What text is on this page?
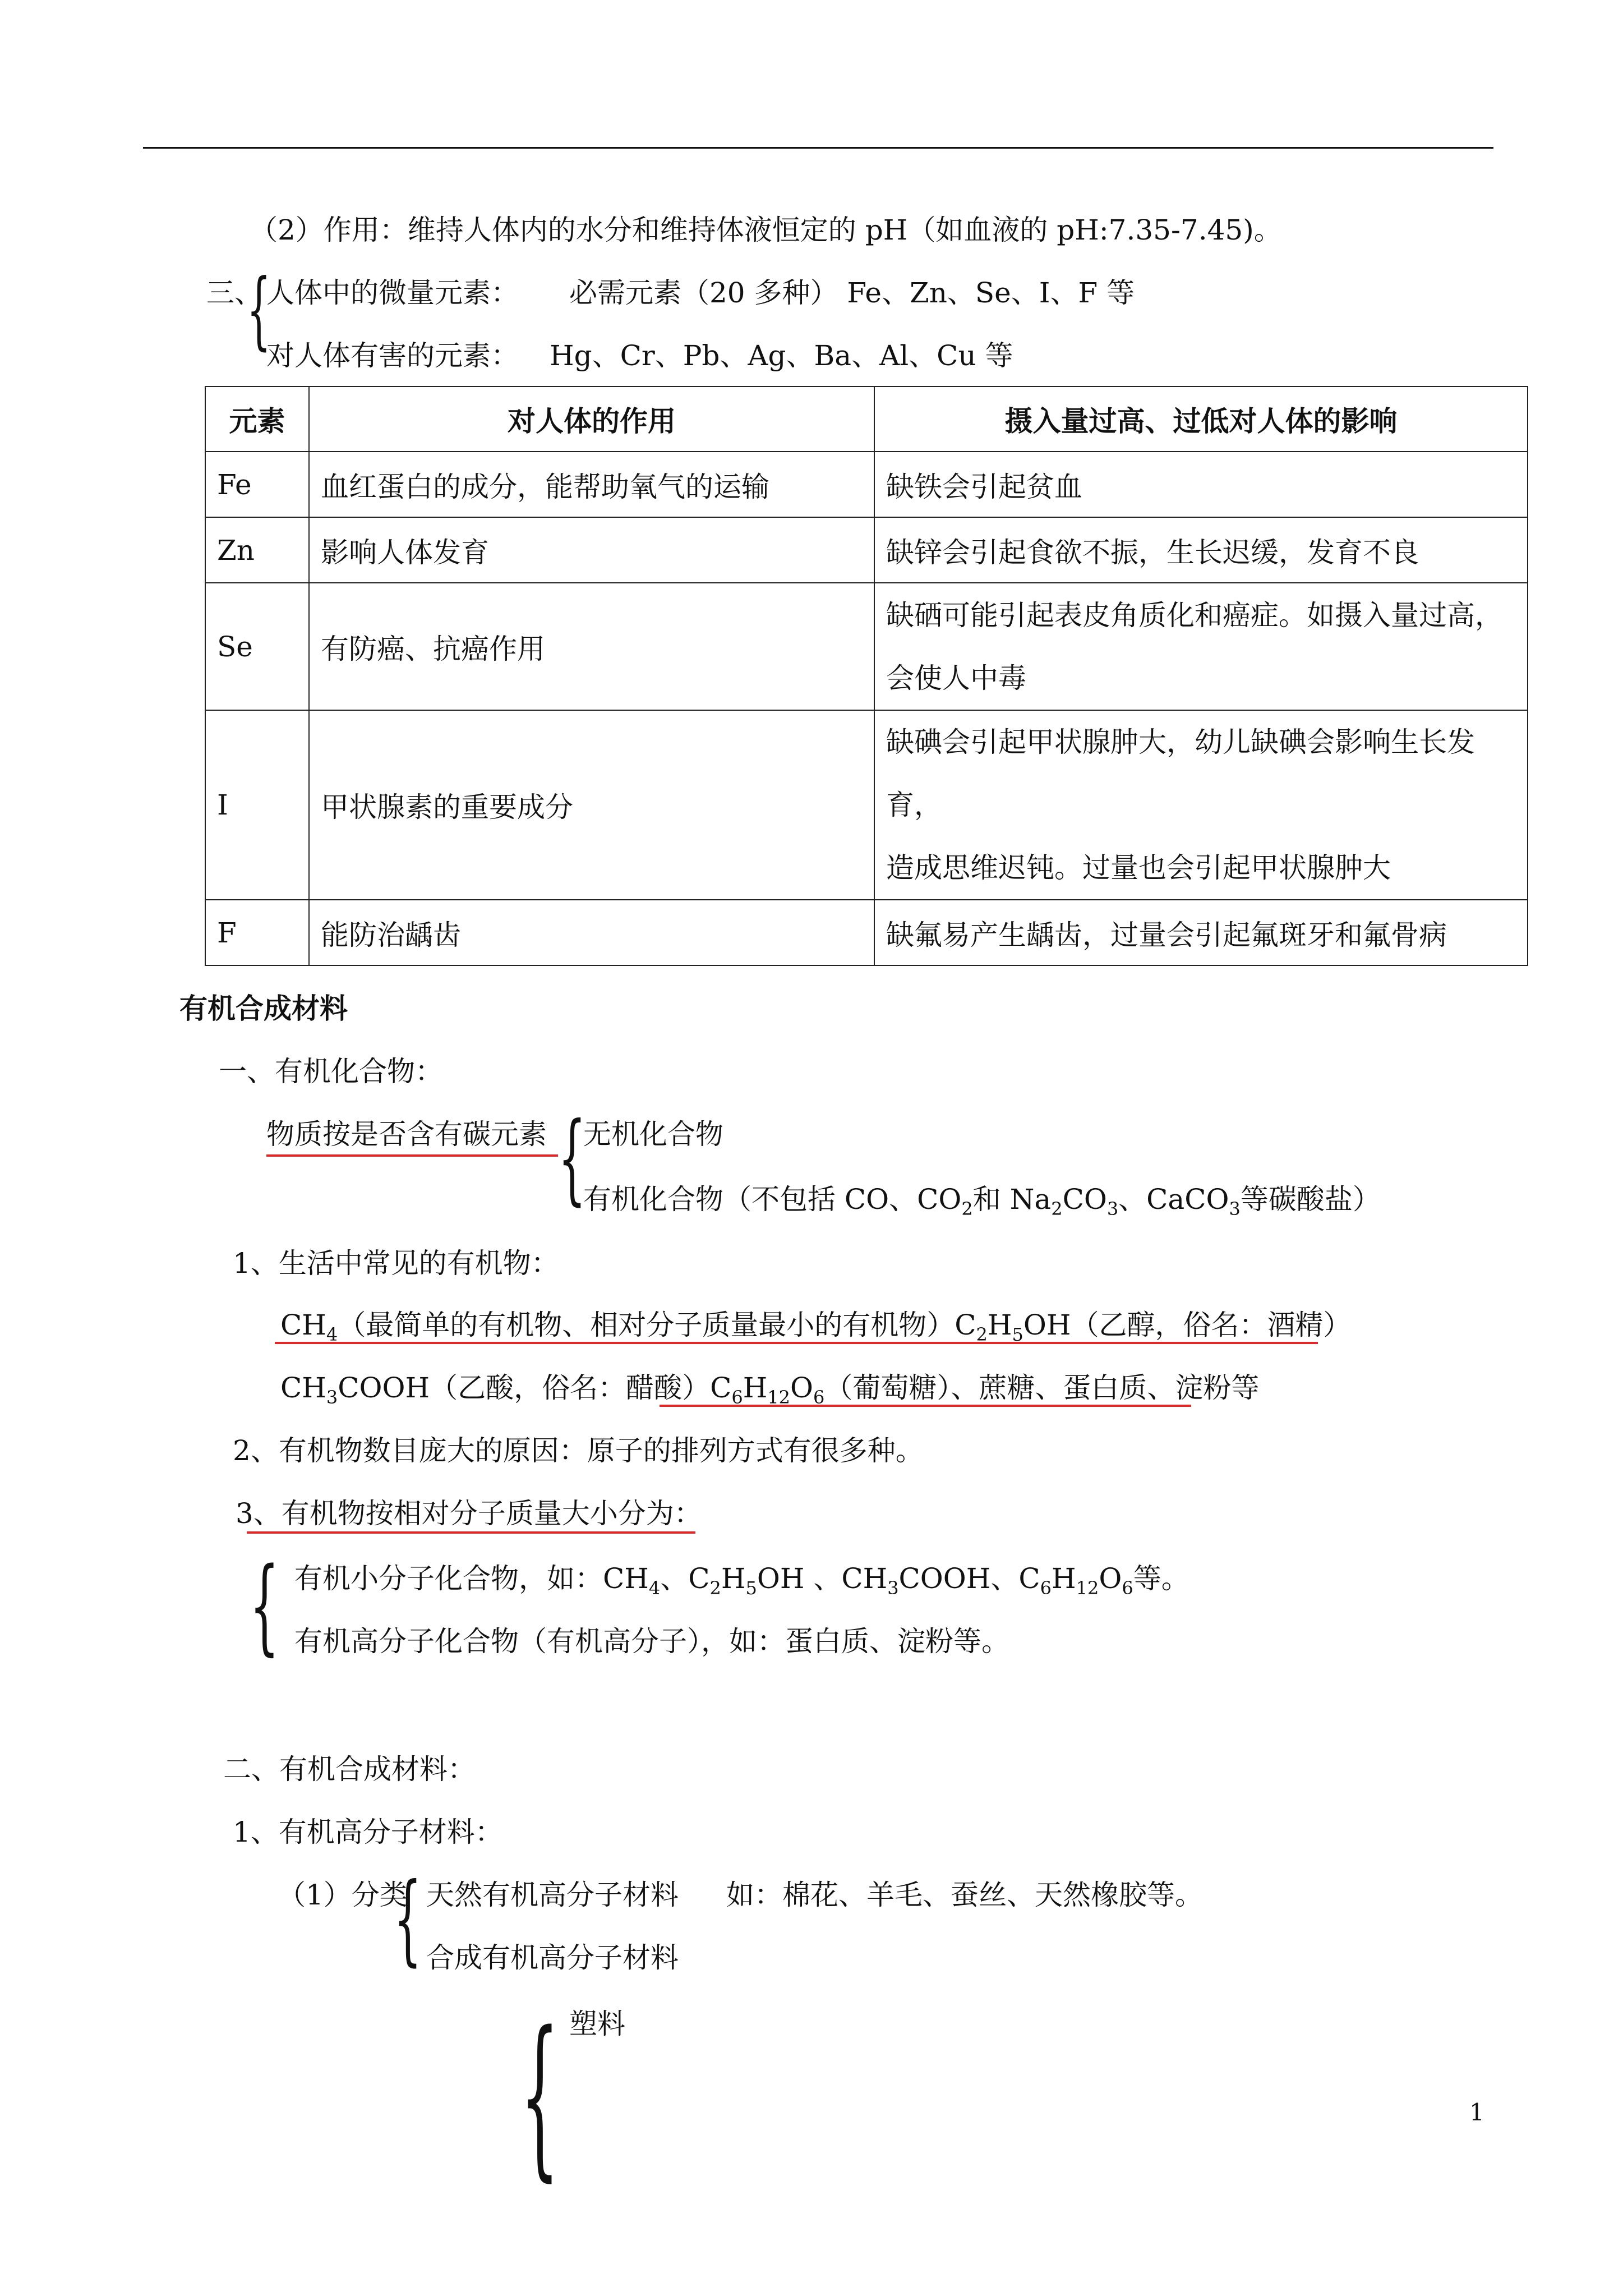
（2）作用：维持人体内的水分和维持体液恒定的 pH（如血液的 pH:7.35-7.45)。
三、
{
人体中的微量元素： 必需元素（20 多种） Fe、Zn、Se、I、F 等
对人体有害的元素： Hg、Cr、Pb、Ag、Ba、Al、Cu 等
元素	对人体的作用	摄入量过高、过低对人体的影响
Fe	血红蛋白的成分，能帮助氧气的运输	缺铁会引起贫血
Zn	影响人体发育	缺锌会引起食欲不振，生长迟缓，发育不良
Se	有防癌、抗癌作用	缺硒可能引起表皮角质化和癌症。如摄入量过高，
会使人中毒

I	甲状腺素的重要成分	缺碘会引起甲状腺肿大，幼儿缺碘会影响生长发育，
造成思维迟钝。过量也会引起甲状腺肿大

F	能防治龋齿	缺氟易产生龋齿，过量会引起氟斑牙和氟骨病
有机合成材料
一、有机化合物：
物质按是否含有碳元素 {
无机化合物
有机化合物（不包括 CO、$CO_2$和 $Na_2CO_3$、CaCO$_3$等碳酸盐）
1、生活中常见的有机物：
$CH_4$（最简单的有机物、相对分子质量最小的有机物）$C_2H_5OH$（乙醇，俗名：酒精）
$CH_3COOH$（乙酸，俗名：醋酸）$C_6H_{12}O_6$（葡萄糖）、蔗糖、蛋白质、淀粉等
2、有机物数目庞大的原因：原子的排列方式有很多种。
3、有机物按相对分子质量大小分为：
{ 有机小分子化合物，如：$CH_4$、$C_2H_5OH$ 、$CH_3COOH$、$C_6H_{12}O_6$等。
有机高分子化合物（有机高分子），如：蛋白质、淀粉等。
二、有机合成材料：
1、有机高分子材料：
（1）分类
{ 天然有机高分子材料 如：棉花、羊毛、蚕丝、天然橡胶等。
合成有机高分子材料
{ 塑料
1
